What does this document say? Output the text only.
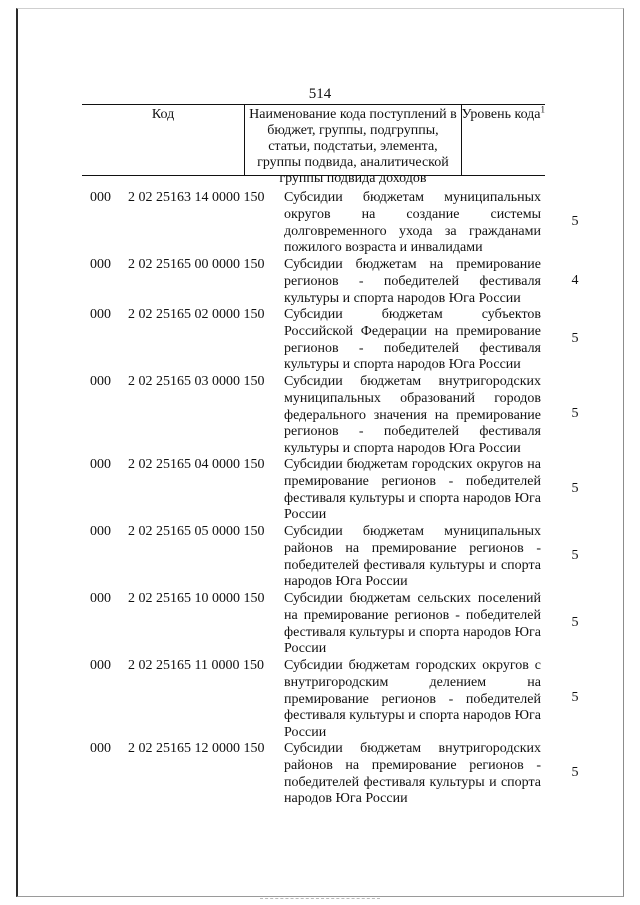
514
Код	Наименование кода поступлений в бюджет, группы, подгруппы, статьи, подстатьи, элемента, группы подвида, аналитической группы подвида доходов
Уровень кода$^1$
000 2 02 25163 14 0000 150 Субсидии бюджетам муниципальных округов на создание системы долговременного ухода за гражданами пожилого возраста и инвалидами
5
000 2 02 25165 00 0000 150 Субсидии бюджетам на премирование регионов - победителей фестиваля культуры и спорта народов Юга России
4
000 2 02 25165 02 0000 150 Субсидии бюджетам субъектов Российской Федерации на премирование регионов - победителей фестиваля культуры и спорта народов Юга России
5
000 2 02 25165 03 0000 150 Субсидии бюджетам внутригородских муниципальных образований городов федерального значения на премирование регионов - победителей фестиваля культуры и спорта народов Юга России
5
000 2 02 25165 04 0000 150 Субсидии бюджетам городских округов на премирование регионов - победителей фестиваля культуры и спорта народов Юга России
5
000 2 02 25165 05 0000 150 Субсидии бюджетам муниципальных районов на премирование регионов - победителей фестиваля культуры и спорта народов Юга России
5
000 2 02 25165 10 0000 150 Субсидии бюджетам сельских поселений на премирование регионов - победителей фестиваля культуры и спорта народов Юга России
5
000 2 02 25165 11 0000 150 Субсидии бюджетам городских округов с внутригородским делением на премирование регионов - победителей фестиваля культуры и спорта народов Юга России
5
000 2 02 25165 12 0000 150 Субсидии бюджетам внутригородских районов на премирование регионов - победителей фестиваля культуры и спорта народов Юга России
5
